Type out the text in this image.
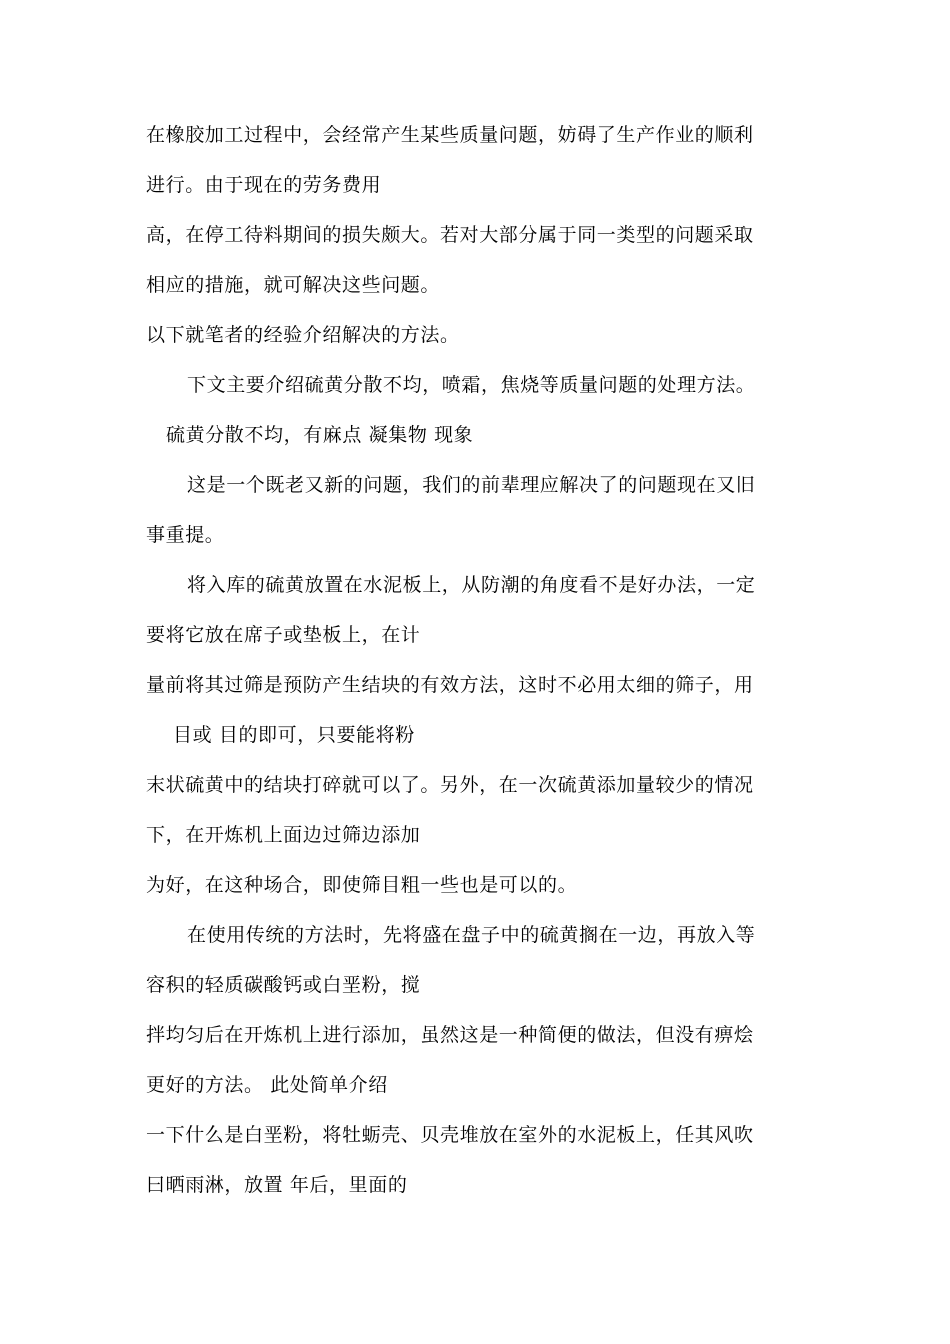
在橡胶加工过程中，会经常产生某些质量问题，妨碍了生产作业的顺利
进行。由于现在的劳务费用
高，在停工待料期间的损失颇大。若对大部分属于同一类型的问题采取
相应的措施，就可解决这些问题。
以下就笔者的经验介绍解决的方法。
下文主要介绍硫黄分散不均，喷霜，焦烧等质量问题的处理方法。
硫黄分散不均，有麻点 凝集物 现象
这是一个既老又新的问题，我们的前辈理应解决了的问题现在又旧
事重提。
将入库的硫黄放置在水泥板上，从防潮的角度看不是好办法，一定
要将它放在席子或垫板上，在计
量前将其过筛是预防产生结块的有效方法，这时不必用太细的筛子，用
目或 目的即可，只要能将粉
末状硫黄中的结块打碎就可以了。另外，在一次硫黄添加量较少的情况
下，在开炼机上面边过筛边添加
为好，在这种场合，即使筛目粗一些也是可以的。
在使用传统的方法时，先将盛在盘子中的硫黄搁在一边，再放入等
容积的轻质碳酸钙或白垩粉，搅
拌均匀后在开炼机上进行添加，虽然这是一种简便的做法，但没有痹烩
更好的方法。 此处简单介绍
一下什么是白垩粉，将牡蛎壳、贝壳堆放在室外的水泥板上，任其风吹
曰晒雨淋，放置 年后，里面的
